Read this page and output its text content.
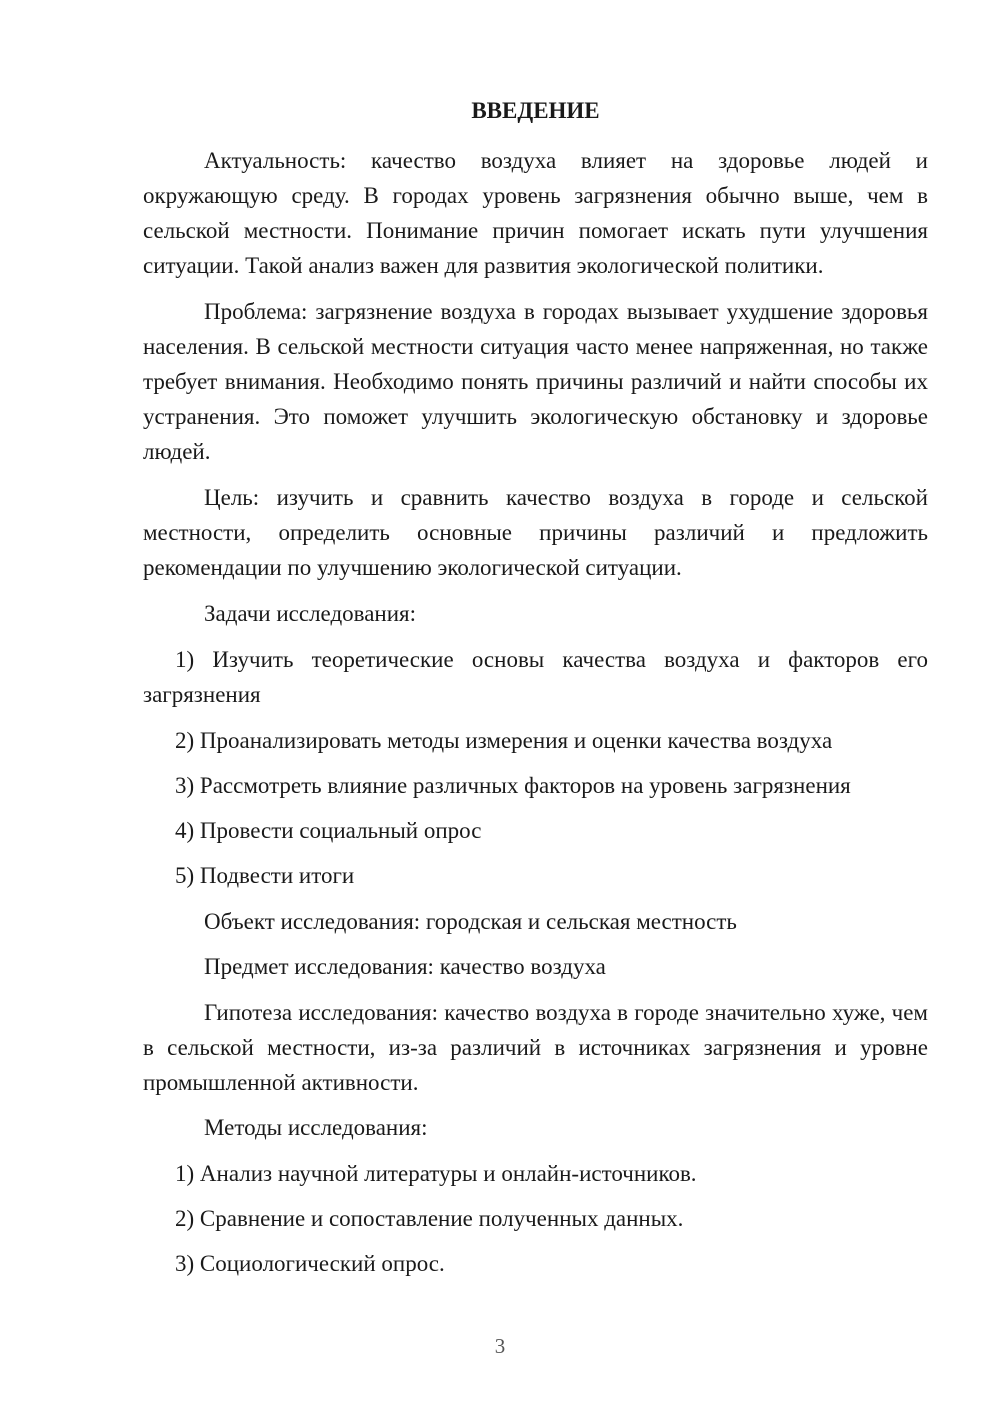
ВВЕДЕНИЕ

Актуальность: качество воздуха влияет на здоровье людей и окружающую среду. В городах уровень загрязнения обычно выше, чем в сельской местности. Понимание причин помогает искать пути улучшения ситуации. Такой анализ важен для развития экологической политики.

Проблема: загрязнение воздуха в городах вызывает ухудшение здоровья населения. В сельской местности ситуация часто менее напряженная, но также требует внимания. Необходимо понять причины различий и найти способы их устранения. Это поможет улучшить экологическую обстановку и здоровье людей.

Цель: изучить и сравнить качество воздуха в городе и сельской местности, определить основные причины различий и предложить рекомендации по улучшению экологической ситуации.

Задачи исследования:

1) Изучить теоретические основы качества воздуха и факторов его загрязнения

2) Проанализировать методы измерения и оценки качества воздуха

3) Рассмотреть влияние различных факторов на уровень загрязнения

4) Провести социальный опрос

5) Подвести итоги

Объект исследования: городская и сельская местность

Предмет исследования: качество воздуха

Гипотеза исследования: качество воздуха в городе значительно хуже, чем в сельской местности, из-за различий в источниках загрязнения и уровне промышленной активности.

Методы исследования:

1) Анализ научной литературы и онлайн-источников.

2) Сравнение и сопоставление полученных данных.

3) Социологический опрос.

3
